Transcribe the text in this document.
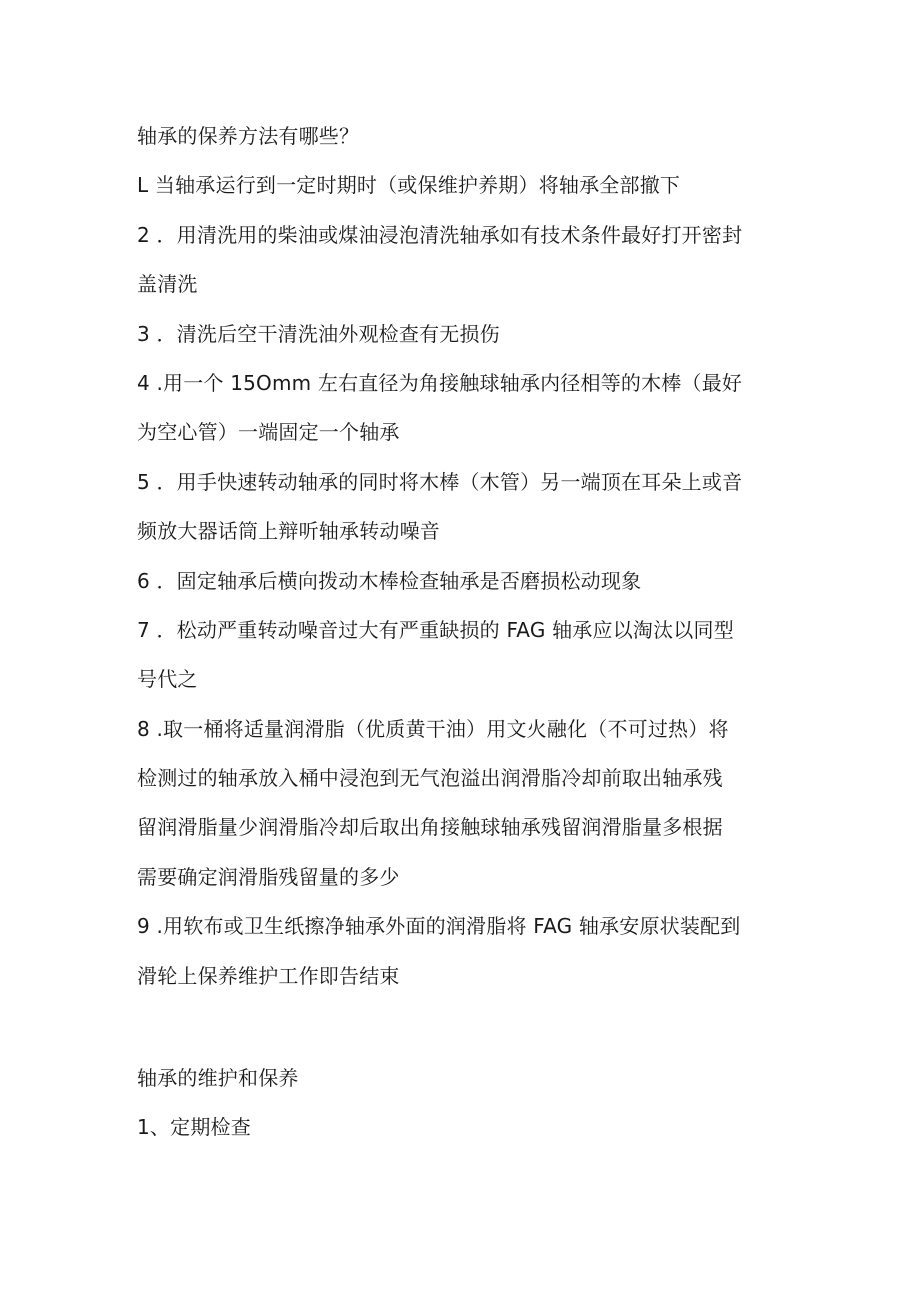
轴承的保养方法有哪些？
L 当轴承运行到一定时期时（或保维护养期）将轴承全部撤下
2 ．用清洗用的柴油或煤油浸泡清洗轴承如有技术条件最好打开密封
盖清洗
3 ．清洗后空干清洗油外观检查有无损伤
4 .用一个 15Omm 左右直径为角接触球轴承内径相等的木棒（最好
为空心管）一端固定一个轴承
5 ．用手快速转动轴承的同时将木棒（木管）另一端顶在耳朵上或音
频放大器话筒上辩听轴承转动噪音
6 ．固定轴承后横向拨动木棒检查轴承是否磨损松动现象
7 ．松动严重转动噪音过大有严重缺损的 FAG 轴承应以淘汰以同型
号代之
8 .取一桶将适量润滑脂（优质黄干油）用文火融化（不可过热）将
检测过的轴承放入桶中浸泡到无气泡溢出润滑脂冷却前取出轴承残
留润滑脂量少润滑脂冷却后取出角接触球轴承残留润滑脂量多根据
需要确定润滑脂残留量的多少
9 .用软布或卫生纸擦净轴承外面的润滑脂将 FAG 轴承安原状装配到
滑轮上保养维护工作即告结束
轴承的维护和保养
1、定期检查
